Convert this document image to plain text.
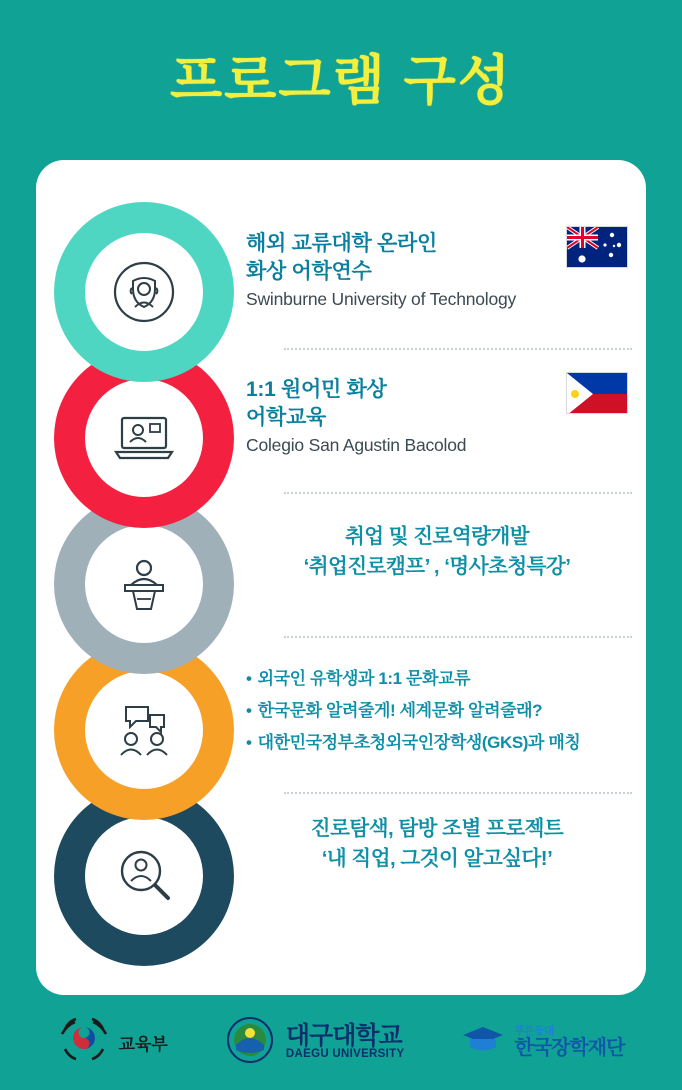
프로그램 구성
해외 교류대학 온라인
화상 어학연수
Swinburne University of Technology
1:1 원어민 화상
어학교육
Colegio San Agustin Bacolod
취업 및 진로역량개발
‘취업진로캠프’ , ‘명사초청특강’
• 외국인 유학생과 1:1 문화교류
• 한국문화 알려줄게! 세계문화 알려줄래?
• 대한민국정부초청외국인장학생(GKS)과 매칭
진로탐색, 탐방 조별 프로젝트
‘내 직업, 그것이 알고싶다!’
교육부	대구대학교
DAEGU UNIVERSITY
푸른등대
한국장학재단
